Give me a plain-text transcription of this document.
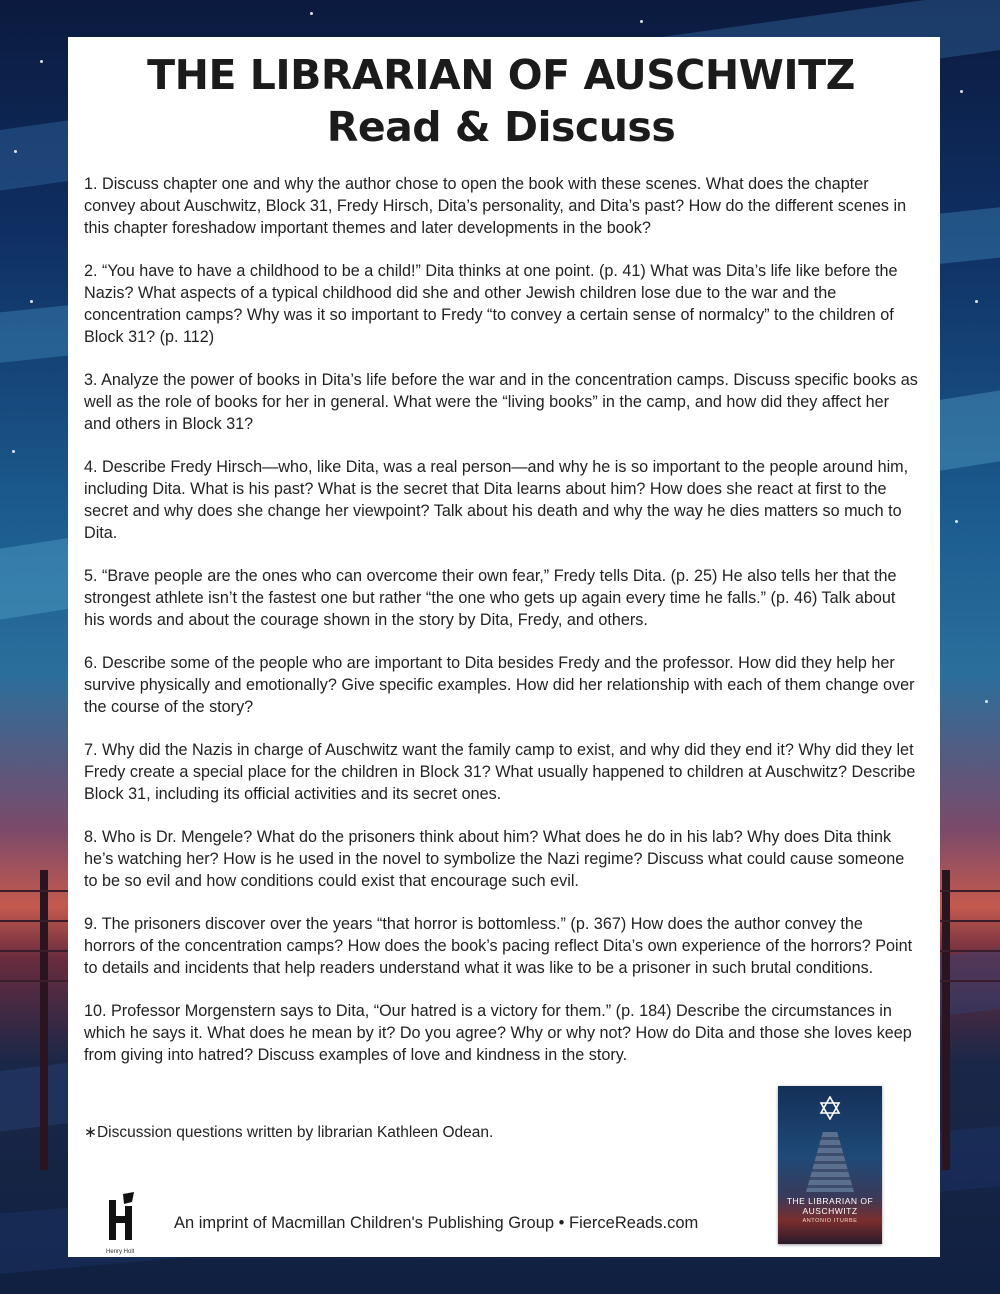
THE LIBRARIAN OF AUSCHWITZ
Read & Discuss

1. Discuss chapter one and why the author chose to open the book with these scenes. What does the chapter convey about Auschwitz, Block 31, Fredy Hirsch, Dita’s personality, and Dita’s past? How do the different scenes in this chapter foreshadow important themes and later developments in the book?

2. “You have to have a childhood to be a child!” Dita thinks at one point. (p. 41) What was Dita’s life like before the Nazis? What aspects of a typical childhood did she and other Jewish children lose due to the war and the concentration camps? Why was it so important to Fredy “to convey a certain sense of normalcy” to the children of Block 31? (p. 112)

3. Analyze the power of books in Dita’s life before the war and in the concentration camps. Discuss specific books as well as the role of books for her in general. What were the “living books” in the camp, and how did they affect her and others in Block 31?

4. Describe Fredy Hirsch—who, like Dita, was a real person—and why he is so important to the people around him, including Dita. What is his past? What is the secret that Dita learns about him? How does she react at first to the secret and why does she change her viewpoint? Talk about his death and why the way he dies matters so much to Dita.

5. “Brave people are the ones who can overcome their own fear,” Fredy tells Dita. (p. 25) He also tells her that the strongest athlete isn’t the fastest one but rather “the one who gets up again every time he falls.” (p. 46) Talk about his words and about the courage shown in the story by Dita, Fredy, and others.

6. Describe some of the people who are important to Dita besides Fredy and the professor. How did they help her survive physically and emotionally? Give specific examples. How did her relationship with each of them change over the course of the story?

7. Why did the Nazis in charge of Auschwitz want the family camp to exist, and why did they end it? Why did they let Fredy create a special place for the children in Block 31? What usually happened to children at Auschwitz? Describe Block 31, including its official activities and its secret ones.

8. Who is Dr. Mengele? What do the prisoners think about him? What does he do in his lab? Why does Dita think he’s watching her? How is he used in the novel to symbolize the Nazi regime? Discuss what could cause someone to be so evil and how conditions could exist that encourage such evil.

9. The prisoners discover over the years “that horror is bottomless.” (p. 367) How does the author convey the horrors of the concentration camps? How does the book’s pacing reflect Dita’s own experience of the horrors? Point to details and incidents that help readers understand what it was like to be a prisoner in such brutal conditions.

10. Professor Morgenstern says to Dita, “Our hatred is a victory for them.” (p. 184) Describe the circumstances in which he says it. What does he mean by it? Do you agree? Why or why not? How do Dita and those she loves keep from giving into hatred? Discuss examples of love and kindness in the story.

∗Discussion questions written by librarian Kathleen Odean.
Henry Holt
An imprint of Macmillan Children's Publishing Group • FierceReads.com
THE LIBRARIAN OF AUSCHWITZ
ANTONIO ITURBE
